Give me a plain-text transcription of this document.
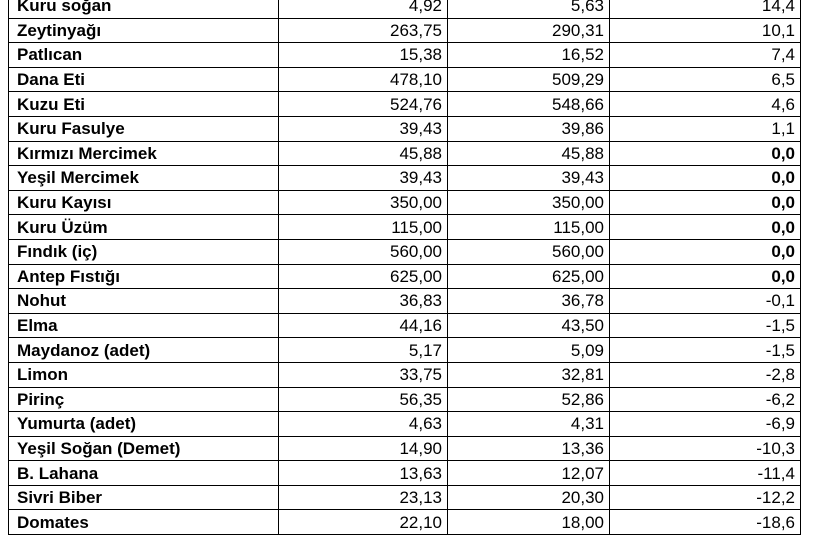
Kuru soğan	4,92	5,63	14,4
Zeytinyağı	263,75	290,31	10,1
Patlıcan	15,38	16,52	7,4
Dana Eti	478,10	509,29	6,5
Kuzu Eti	524,76	548,66	4,6
Kuru Fasulye	39,43	39,86	1,1
Kırmızı Mercimek	45,88	45,88	0,0
Yeşil Mercimek	39,43	39,43	0,0
Kuru Kayısı	350,00	350,00	0,0
Kuru Üzüm	115,00	115,00	0,0
Fındık (iç)	560,00	560,00	0,0
Antep Fıstığı	625,00	625,00	0,0
Nohut	36,83	36,78	-0,1
Elma	44,16	43,50	-1,5
Maydanoz (adet)	5,17	5,09	-1,5
Limon	33,75	32,81	-2,8
Pirinç	56,35	52,86	-6,2
Yumurta (adet)	4,63	4,31	-6,9
Yeşil Soğan (Demet)	14,90	13,36	-10,3
B. Lahana	13,63	12,07	-11,4
Sivri Biber	23,13	20,30	-12,2
Domates	22,10	18,00	-18,6
